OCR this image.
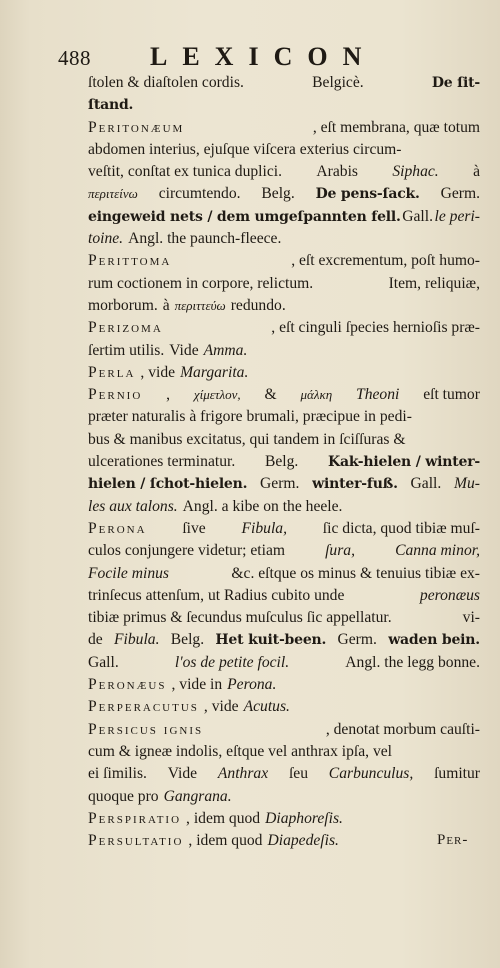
488 LEXICON
ſtolen & diaſtolen cordis.	Belgicè.	De ſit-
ſtand.
Peritonæum	, eſt membrana, quæ totum
abdomen interius, ejuſque viſcera exterius circum-
veſtit, conſtat ex tunica duplici. Arabis Siphac. à
περιτείνω circumtendo. Belg. De pens-ſack. Germ.
eingeweid nets / dem umgeſpannten fell. Gall. le peri-
toine. Angl. the paunch-fleece.
Perittoma	, eſt excrementum, poſt humo-
rum coctionem in corpore, relictum.	Item, reliquiæ,
morborum. à περιττεύω redundo.
Perizoma	, eſt cinguli ſpecies hernioſis præ-
ſertim utilis. Vide Amma.
Perla , vide Margarita.
Pernio , χίμετλον, & μάλκη Theoni eſt tumor
præter naturalis à frigore brumali, præcipue in pedi-
bus & manibus excitatus, qui tandem in ſciſſuras &
ulcerationes terminatur. Belg. Kak-hielen / winter-
hielen / ſchot-hielen. Germ. winter-fuß. Gall. Mu-
les aux talons. Angl. a kibe on the heele.
Perona ſive Fibula, ſic dicta, quod tibiæ muſ-
culos conjungere videtur; etiam	ſura,	Canna minor,
Focile minus	&c. eſtque os minus & tenuius tibiæ ex-
trinſecus attenſum, ut Radius cubito unde	peronæus
tibiæ primus & ſecundus muſculus ſic appellatur.	vi-
de Fibula. Belg. Het kuit-been. Germ. waden bein.
Gall.	l'os de petite focil.	Angl. the legg bonne.
Peronæus , vide in Perona.
Perperacutus , vide Acutus.
Persicus ignis	, denotat morbum cauſti-
cum & igneæ indolis, eſtque vel anthrax ipſa, vel
ei ſimilis. Vide Anthrax ſeu Carbunculus, ſumitur
quoque pro Gangrana.
Perspiratio , idem quod Diaphoreſis.
Persultatio , idem quod Diapedeſis.	Per-
